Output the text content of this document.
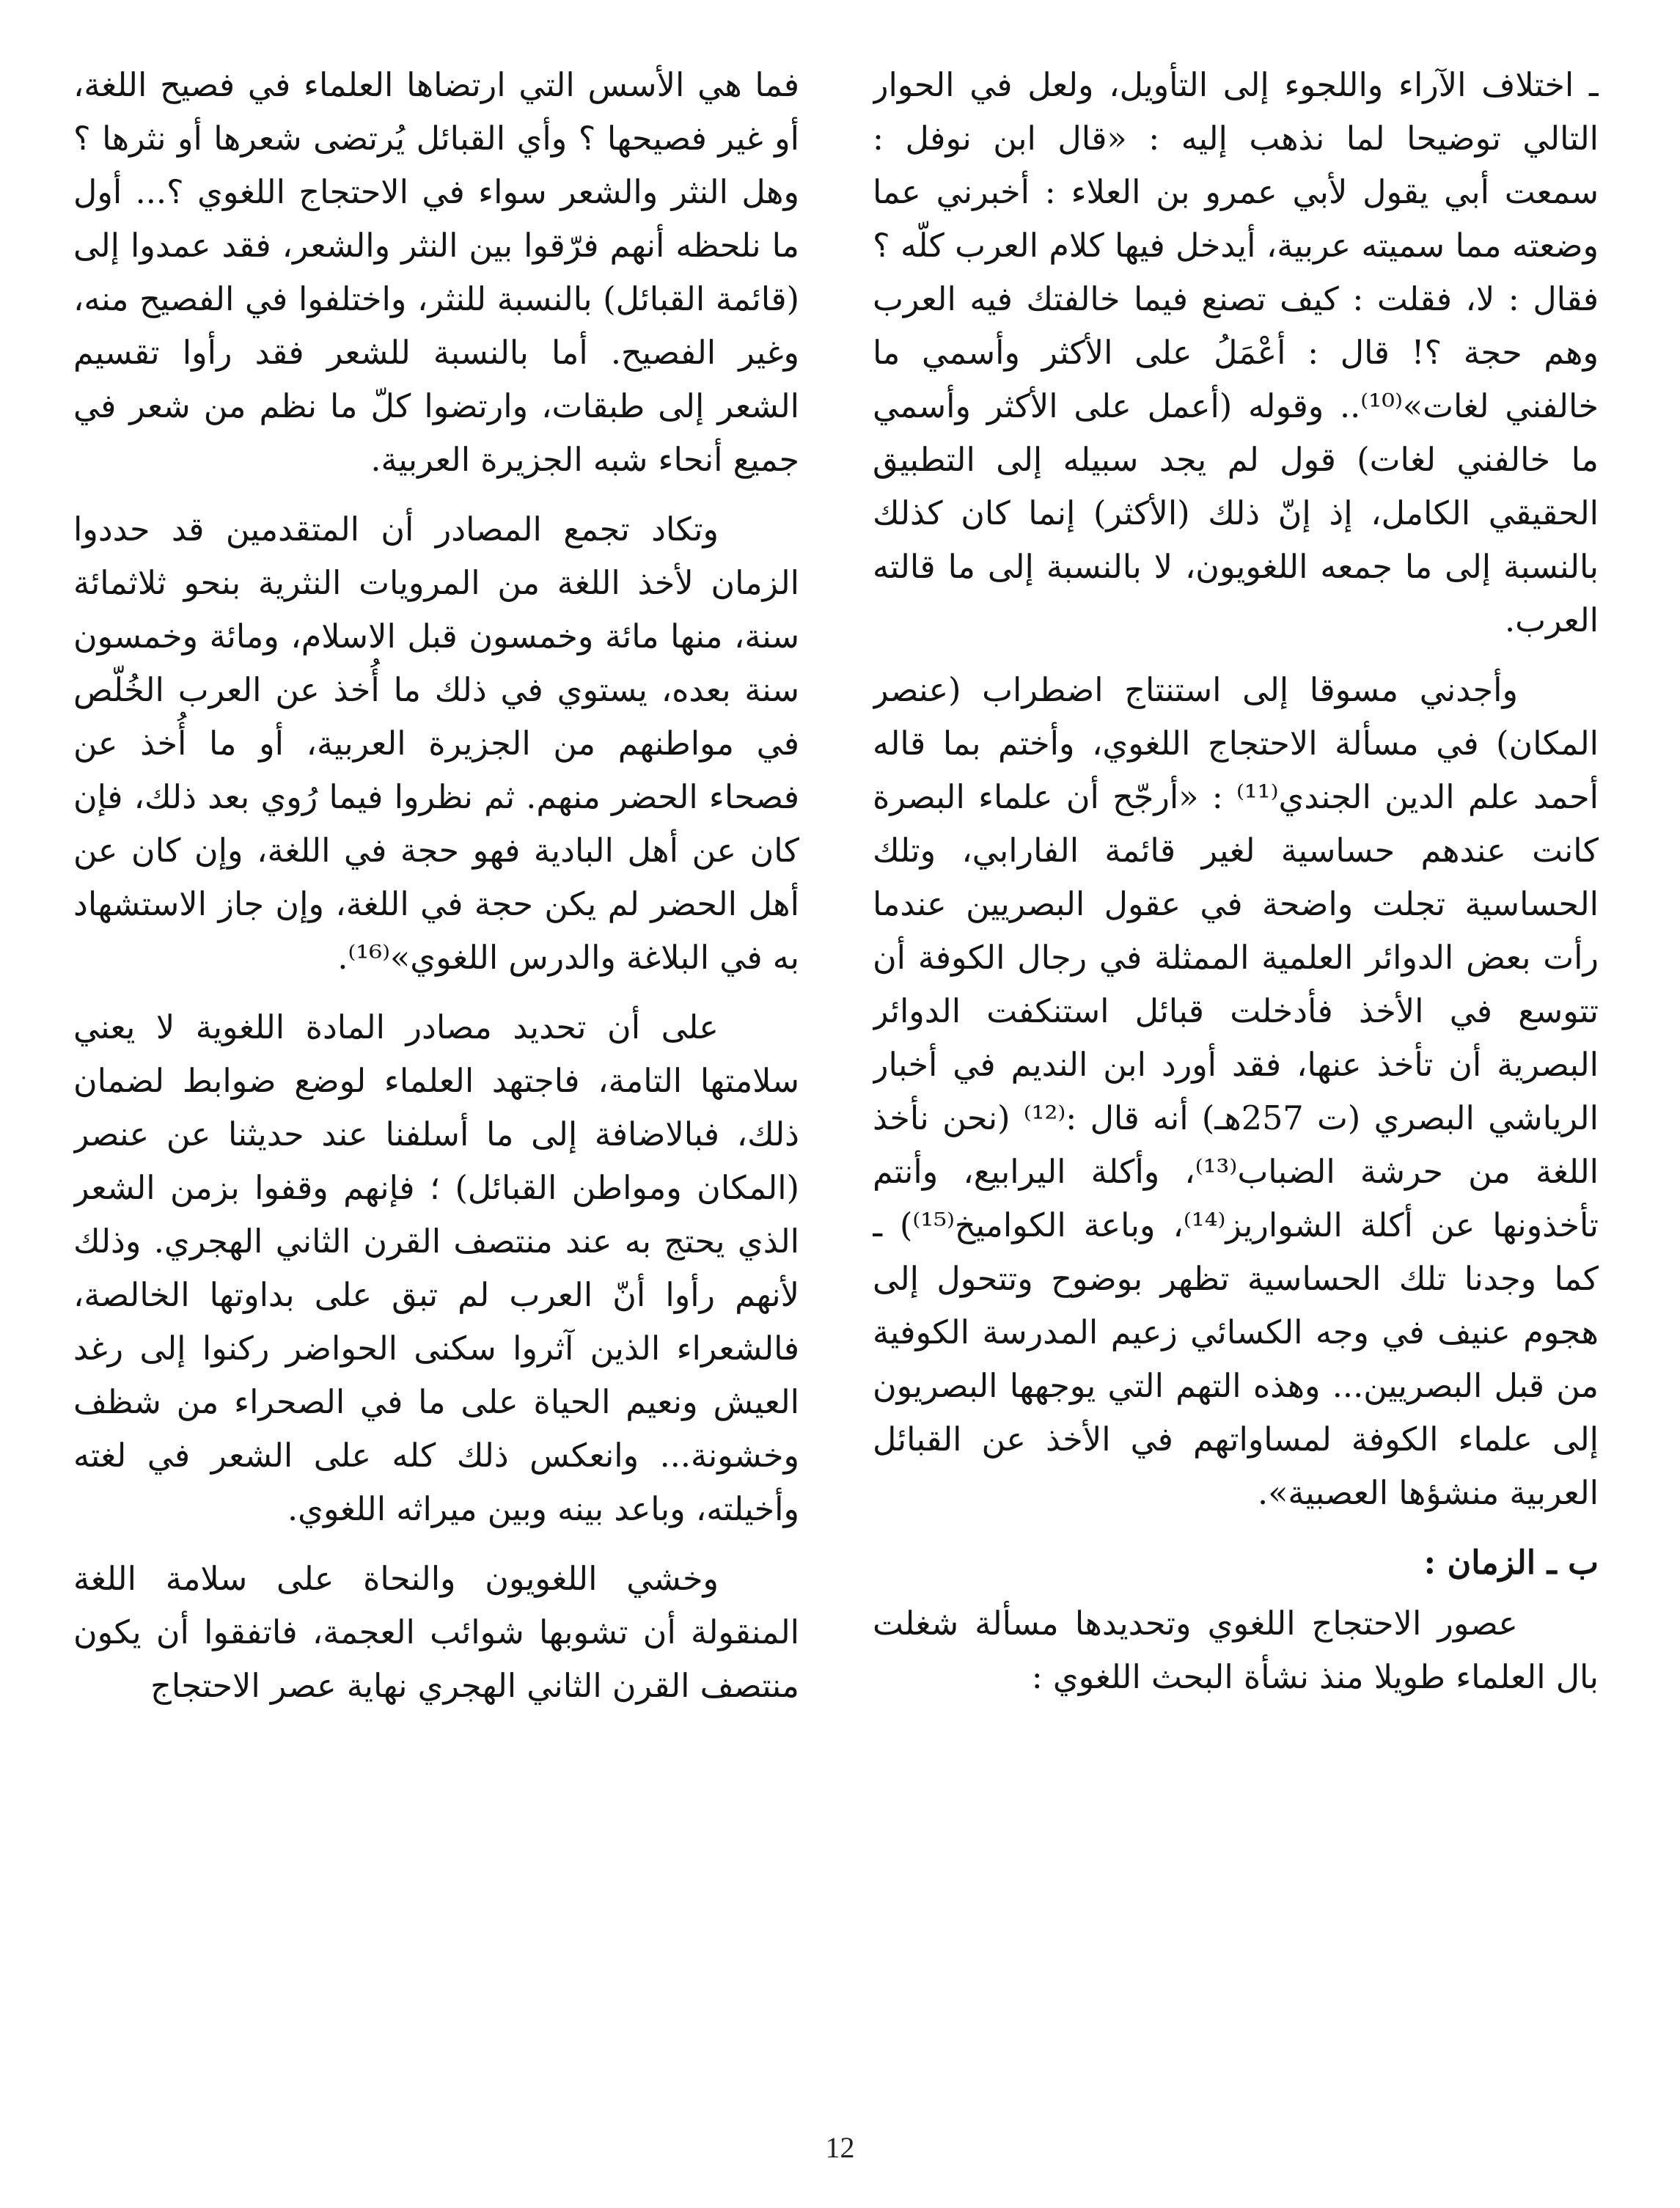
ـ اختلاف الآراء واللجوء إلى التأويل، ولعل في الحوار التالي توضيحا لما نذهب إليه : «قال ابن نوفل : سمعت أبي يقول لأبي عمرو بن العلاء : أخبرني عما وضعته مما سميته عربية، أيدخل فيها كلام العرب كلّه ؟ فقال : لا، فقلت : كيف تصنع فيما خالفتك فيه العرب وهم حجة ؟! قال : أعْمَلُ على الأكثر وأسمي ما خالفني لغات»⁽¹⁰⁾.. وقوله (أعمل على الأكثر وأسمي ما خالفني لغات) قول لم يجد سبيله إلى التطبيق الحقيقي الكامل، إذ إنّ ذلك (الأكثر) إنما كان كذلك بالنسبة إلى ما جمعه اللغويون، لا بالنسبة إلى ما قالته العرب.

وأجدني مسوقا إلى استنتاج اضطراب (عنصر المكان) في مسألة الاحتجاج اللغوي، وأختم بما قاله أحمد علم الدين الجندي⁽¹¹⁾ : «أرجّح أن علماء البصرة كانت عندهم حساسية لغير قائمة الفارابي، وتلك الحساسية تجلت واضحة في عقول البصريين عندما رأت بعض الدوائر العلمية الممثلة في رجال الكوفة أن تتوسع في الأخذ فأدخلت قبائل استنكفت الدوائر البصرية أن تأخذ عنها، فقد أورد ابن النديم في أخبار الرياشي البصري (ت 257هـ) أنه قال :⁽¹²⁾ (نحن نأخذ اللغة من حرشة الضباب⁽¹³⁾، وأكلة اليرابيع، وأنتم تأخذونها عن أكلة الشواريز⁽¹⁴⁾، وباعة الكواميخ⁽¹⁵⁾) ـ كما وجدنا تلك الحساسية تظهر بوضوح وتتحول إلى هجوم عنيف في وجه الكسائي زعيم المدرسة الكوفية من قبل البصريين... وهذه التهم التي يوجهها البصريون إلى علماء الكوفة لمساواتهم في الأخذ عن القبائل العربية منشؤها العصبية».

ب ـ الزمان :

عصور الاحتجاج اللغوي وتحديدها مسألة شغلت بال العلماء طويلا منذ نشأة البحث اللغوي :

فما هي الأسس التي ارتضاها العلماء في فصيح اللغة، أو غير فصيحها ؟ وأي القبائل يُرتضى شعرها أو نثرها ؟ وهل النثر والشعر سواء في الاحتجاج اللغوي ؟... أول ما نلحظه أنهم فرّقوا بين النثر والشعر، فقد عمدوا إلى (قائمة القبائل) بالنسبة للنثر، واختلفوا في الفصيح منه، وغير الفصيح. أما بالنسبة للشعر فقد رأوا تقسيم الشعر إلى طبقات، وارتضوا كلّ ما نظم من شعر في جميع أنحاء شبه الجزيرة العربية.

وتكاد تجمع المصادر أن المتقدمين قد حددوا الزمان لأخذ اللغة من المرويات النثرية بنحو ثلاثمائة سنة، منها مائة وخمسون قبل الاسلام، ومائة وخمسون سنة بعده، يستوي في ذلك ما أُخذ عن العرب الخُلّص في مواطنهم من الجزيرة العربية، أو ما أُخذ عن فصحاء الحضر منهم. ثم نظروا فيما رُوي بعد ذلك، فإن كان عن أهل البادية فهو حجة في اللغة، وإن كان عن أهل الحضر لم يكن حجة في اللغة، وإن جاز الاستشهاد به في البلاغة والدرس اللغوي»⁽¹⁶⁾.

على أن تحديد مصادر المادة اللغوية لا يعني سلامتها التامة، فاجتهد العلماء لوضع ضوابط لضمان ذلك، فبالاضافة إلى ما أسلفنا عند حديثنا عن عنصر (المكان ومواطن القبائل) ؛ فإنهم وقفوا بزمن الشعر الذي يحتج به عند منتصف القرن الثاني الهجري. وذلك لأنهم رأوا أنّ العرب لم تبق على بداوتها الخالصة، فالشعراء الذين آثروا سكنى الحواضر ركنوا إلى رغد العيش ونعيم الحياة على ما في الصحراء من شظف وخشونة... وانعكس ذلك كله على الشعر في لغته وأخيلته، وباعد بينه وبين ميراثه اللغوي.

وخشي اللغويون والنحاة على سلامة اللغة المنقولة أن تشوبها شوائب العجمة، فاتفقوا أن يكون منتصف القرن الثاني الهجري نهاية عصر الاحتجاج

12
